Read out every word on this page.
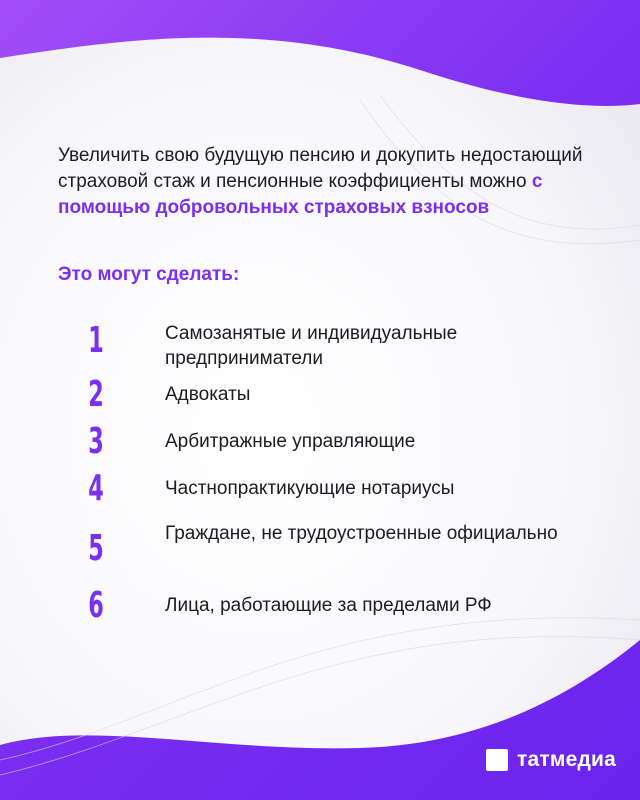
Увеличить свою будущую пенсию и докупить недостающий страховой стаж и пенсионные коэффициенты можно с помощью добровольных страховых взносов
Это могут сделать:
1	Самозанятые и индивидуальные предприниматели
2	Адвокаты
3	Арбитражные управляющие
4	Частнопрактикующие нотариусы
5	Граждане, не трудоустроенные официально
6	Лица, работающие за пределами РФ
татмедиа
